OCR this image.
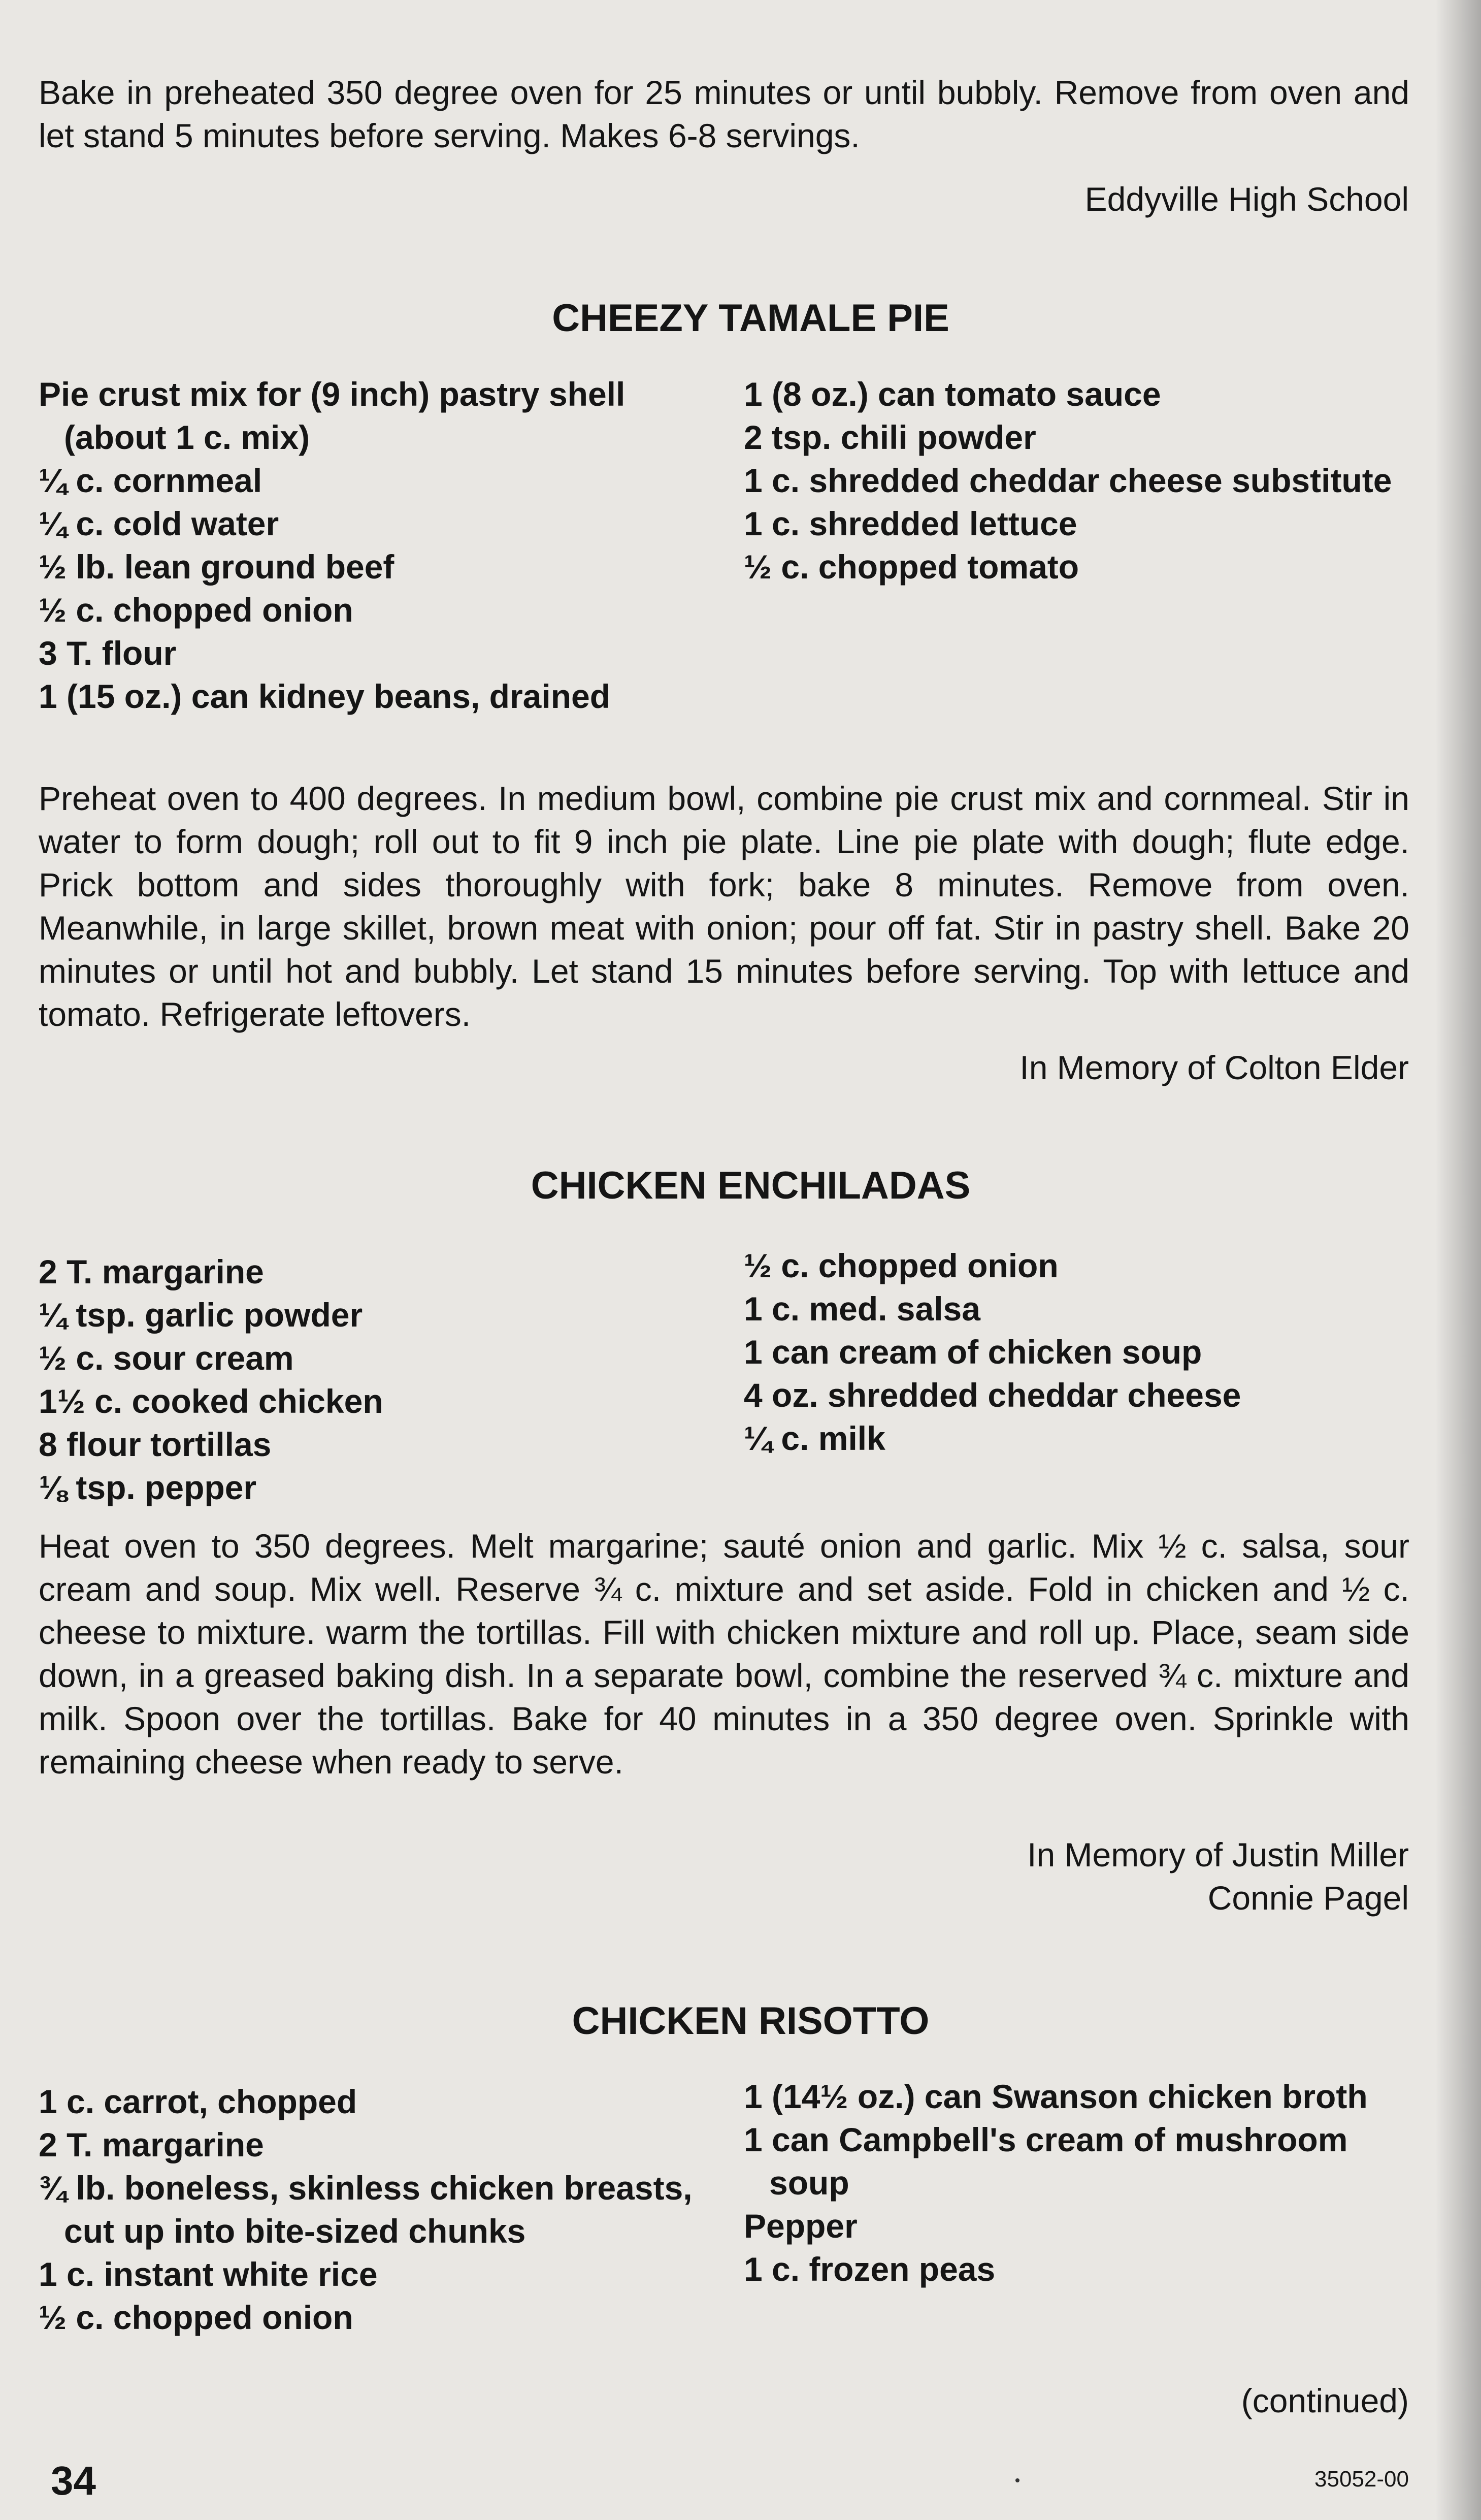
Bake in preheated 350 degree oven for 25 minutes or until bubbly. Remove from oven and let stand 5 minutes before serving. Makes 6-8 servings.

Eddyville High School

CHEEZY TAMALE PIE

Pie crust mix for (9 inch) pastry shell (about 1 c. mix)

¼ c. cornmeal

¼ c. cold water

½ lb. lean ground beef

½ c. chopped onion

3 T. flour

1 (15 oz.) can kidney beans, drained

1 (8 oz.) can tomato sauce

2 tsp. chili powder

1 c. shredded cheddar cheese substitute

1 c. shredded lettuce

½ c. chopped tomato

Preheat oven to 400 degrees. In medium bowl, combine pie crust mix and cornmeal. Stir in water to form dough; roll out to fit 9 inch pie plate. Line pie plate with dough; flute edge. Prick bottom and sides thoroughly with fork; bake 8 minutes. Remove from oven. Meanwhile, in large skillet, brown meat with onion; pour off fat. Stir in pastry shell. Bake 20 minutes or until hot and bubbly. Let stand 15 minutes before serving. Top with lettuce and tomato. Refrigerate leftovers.

In Memory of Colton Elder

CHICKEN ENCHILADAS

2 T. margarine

¼ tsp. garlic powder

½ c. sour cream

1½ c. cooked chicken

8 flour tortillas

⅛ tsp. pepper

½ c. chopped onion

1 c. med. salsa

1 can cream of chicken soup

4 oz. shredded cheddar cheese

¼ c. milk

Heat oven to 350 degrees. Melt margarine; sauté onion and garlic. Mix ½ c. salsa, sour cream and soup. Mix well. Reserve ¾ c. mixture and set aside. Fold in chicken and ½ c. cheese to mixture. warm the tortillas. Fill with chicken mixture and roll up. Place, seam side down, in a greased baking dish. In a separate bowl, combine the reserved ¾ c. mixture and milk. Spoon over the tortillas. Bake for 40 minutes in a 350 degree oven. Sprinkle with remaining cheese when ready to serve.

In Memory of Justin Miller

Connie Pagel

CHICKEN RISOTTO

1 c. carrot, chopped

2 T. margarine

¾ lb. boneless, skinless chicken breasts, cut up into bite-sized chunks

1 c. instant white rice

½ c. chopped onion

1 (14½ oz.) can Swanson chicken broth

1 can Campbell's cream of mushroom soup

Pepper

1 c. frozen peas

(continued)

34	35052-00
